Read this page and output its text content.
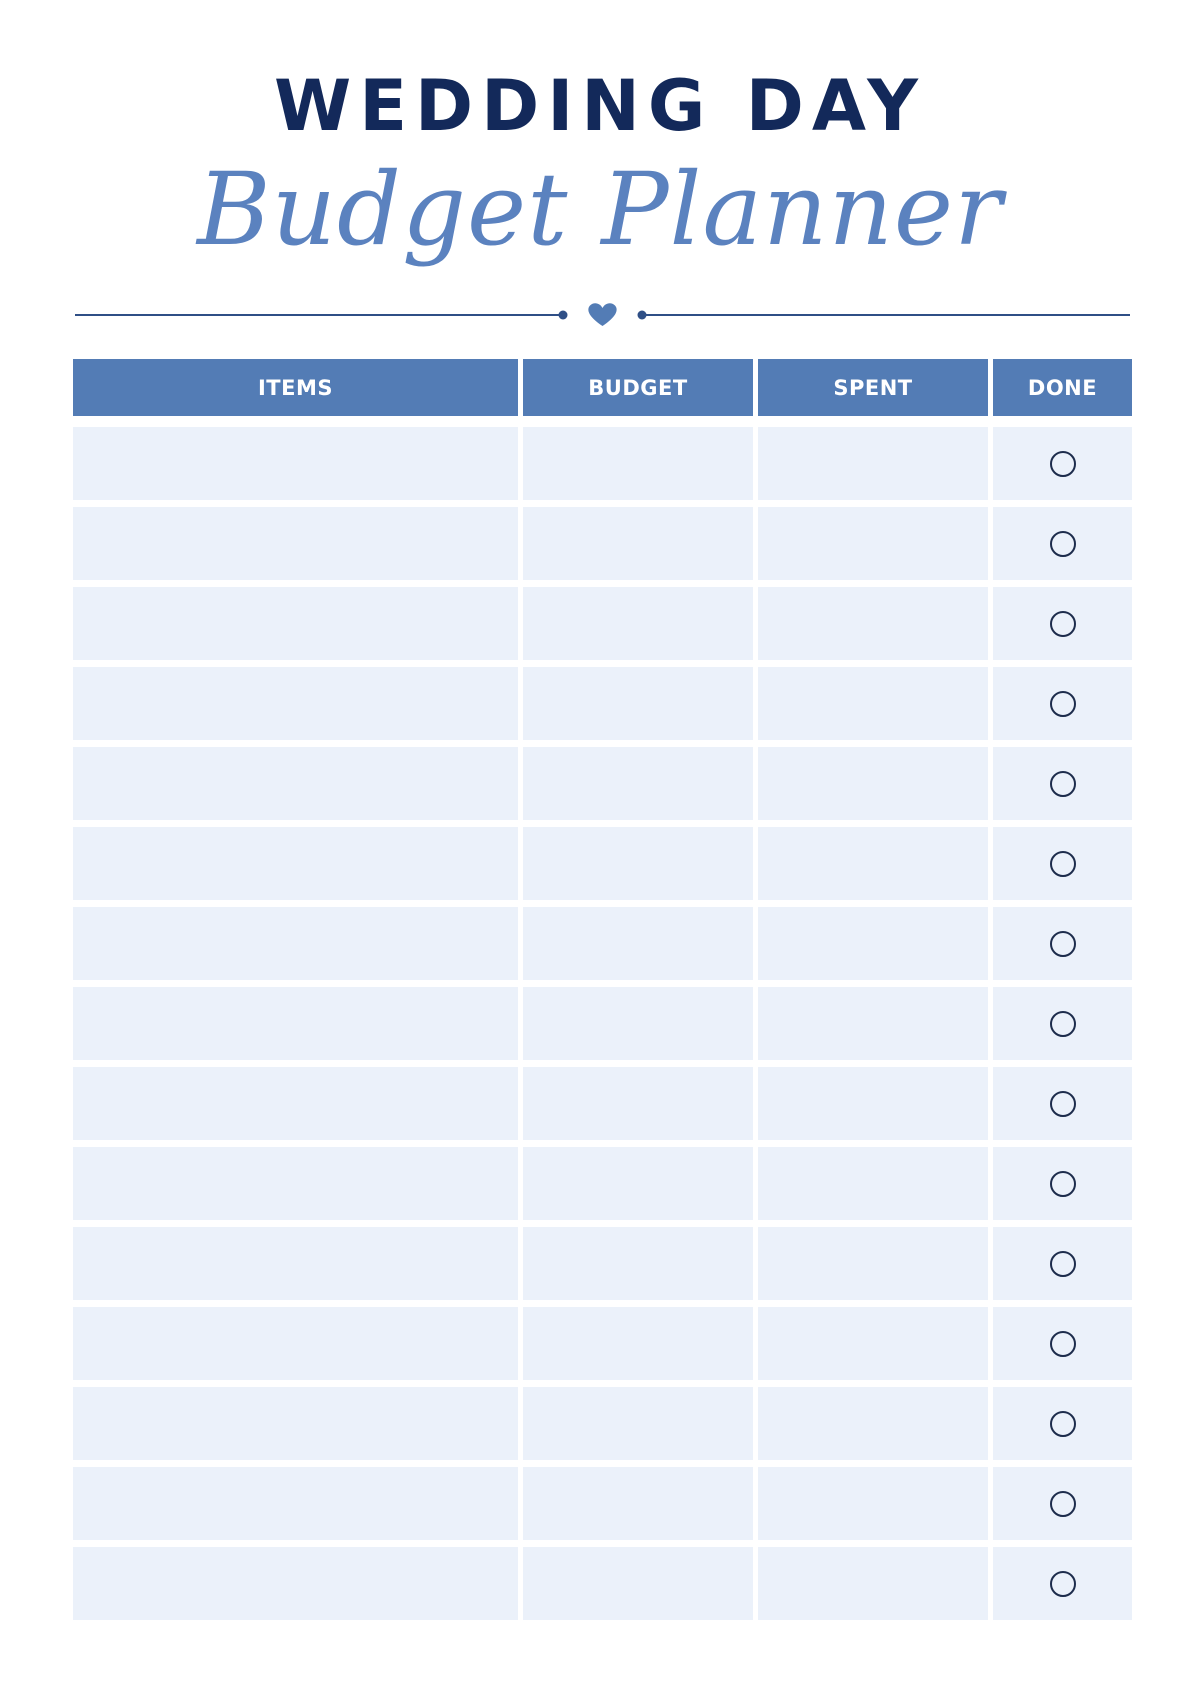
WEDDING DAY
Budget Planner
ITEMS	BUDGET	SPENT	DONE
